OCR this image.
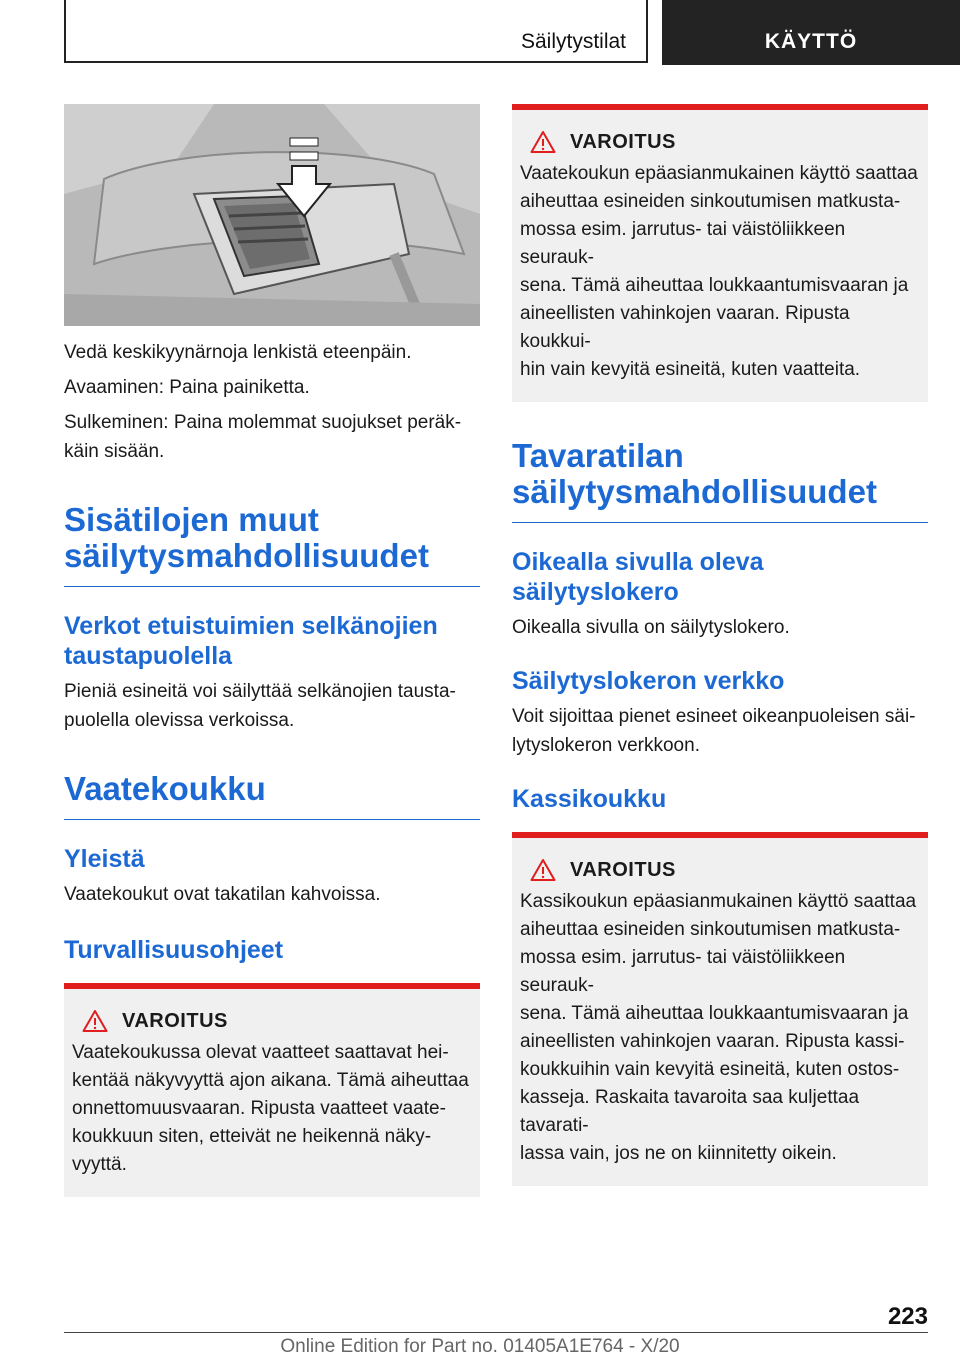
Säilytystilat	KÄYTTÖ

Vedä keskikyynärnoja lenkistä eteenpäin.

Avaaminen: Paina painiketta.

Sulkeminen: Paina molemmat suojukset peräk-
käin sisään.

Sisätilojen muut
säilytysmahdollisuudet
Verkot etuistuimien selkänojien
taustapuolella

Pieniä esineitä voi säilyttää selkänojien tausta-
puolella olevissa verkoissa.

Vaatekoukku
Yleistä

Vaatekoukut ovat takatilan kahvoissa.

Turvallisuusohjeet
VAROITUS

Vaatekoukussa olevat vaatteet saattavat hei-
kentää näkyvyyttä ajon aikana. Tämä aiheuttaa
onnettomuusvaaran. Ripusta vaatteet vaate-
koukkuun siten, etteivät ne heikennä näky-
vyyttä.

VAROITUS

Vaatekoukun epäasianmukainen käyttö saattaa
aiheuttaa esineiden sinkoutumisen matkusta-
mossa esim. jarrutus- tai väistöliikkeen seurauk-
sena. Tämä aiheuttaa loukkaantumisvaaran ja
aineellisten vahinkojen vaaran. Ripusta koukkui-
hin vain kevyitä esineitä, kuten vaatteita.

Tavaratilan
säilytysmahdollisuudet
Oikealla sivulla oleva
säilytyslokero

Oikealla sivulla on säilytyslokero.

Säilytyslokeron verkko

Voit sijoittaa pienet esineet oikeanpuoleisen säi-
lytyslokeron verkkoon.

Kassikoukku
VAROITUS

Kassikoukun epäasianmukainen käyttö saattaa
aiheuttaa esineiden sinkoutumisen matkusta-
mossa esim. jarrutus- tai väistöliikkeen seurauk-
sena. Tämä aiheuttaa loukkaantumisvaaran ja
aineellisten vahinkojen vaaran. Ripusta kassi-
koukkuihin vain kevyitä esineitä, kuten ostos-
kasseja. Raskaita tavaroita saa kuljettaa tavarati-
lassa vain, jos ne on kiinnitetty oikein.

223
Online Edition for Part no. 01405A1E764 - X/20
